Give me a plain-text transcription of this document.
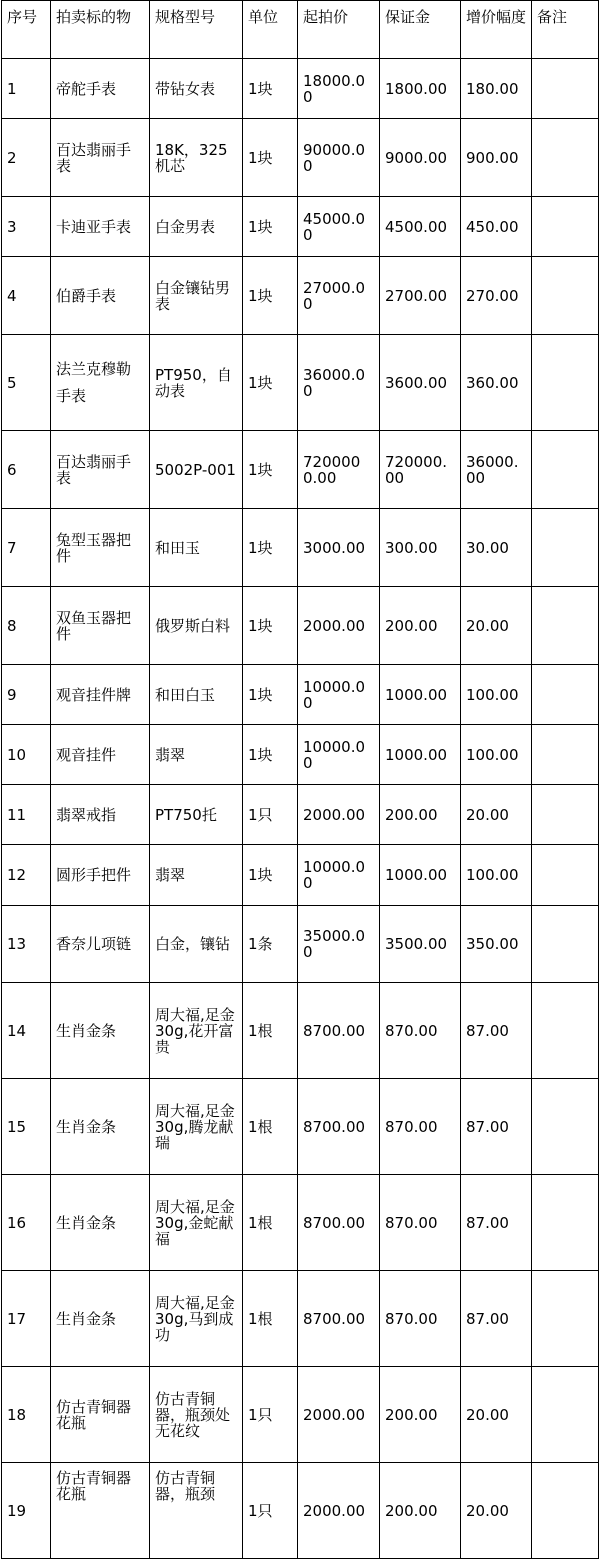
序号	拍卖标的物	规格型号	单位	起拍价	保证金	增价幅度	备注
1	帝舵手表	带钻女表	1块	18000.00	1800.00	180.00	
2	百达翡丽手表	18K，325机芯	1块	90000.00	9000.00	900.00	
3	卡迪亚手表	白金男表	1块	45000.00	4500.00	450.00	
4	伯爵手表	白金镶钻男表	1块	27000.00	2700.00	270.00	
5	法兰克穆勒手表	PT950，自动表	1块	36000.00	3600.00	360.00	
6	百达翡丽手表	5002P-001	1块	7200000.00	720000.00	36000.00	
7	兔型玉器把件	和田玉	1块	3000.00	300.00	30.00	
8	双鱼玉器把件	俄罗斯白料	1块	2000.00	200.00	20.00	
9	观音挂件牌	和田白玉	1块	10000.00	1000.00	100.00	
10	观音挂件	翡翠	1块	10000.00	1000.00	100.00	
11	翡翠戒指	PT750托	1只	2000.00	200.00	20.00	
12	圆形手把件	翡翠	1块	10000.00	1000.00	100.00	
13	香奈儿项链	白金，镶钻	1条	35000.00	3500.00	350.00	
14	生肖金条	周大福,足金30g,花开富贵	1根	8700.00	870.00	87.00	
15	生肖金条	周大福,足金30g,腾龙献瑞	1根	8700.00	870.00	87.00	
16	生肖金条	周大福,足金30g,金蛇献福	1根	8700.00	870.00	87.00	
17	生肖金条	周大福,足金30g,马到成功	1根	8700.00	870.00	87.00	
18	仿古青铜器花瓶	仿古青铜器，瓶颈处无花纹	1只	2000.00	200.00	20.00	
19	仿古青铜器花瓶	仿古青铜器，瓶颈	1只	2000.00	200.00	20.00	
